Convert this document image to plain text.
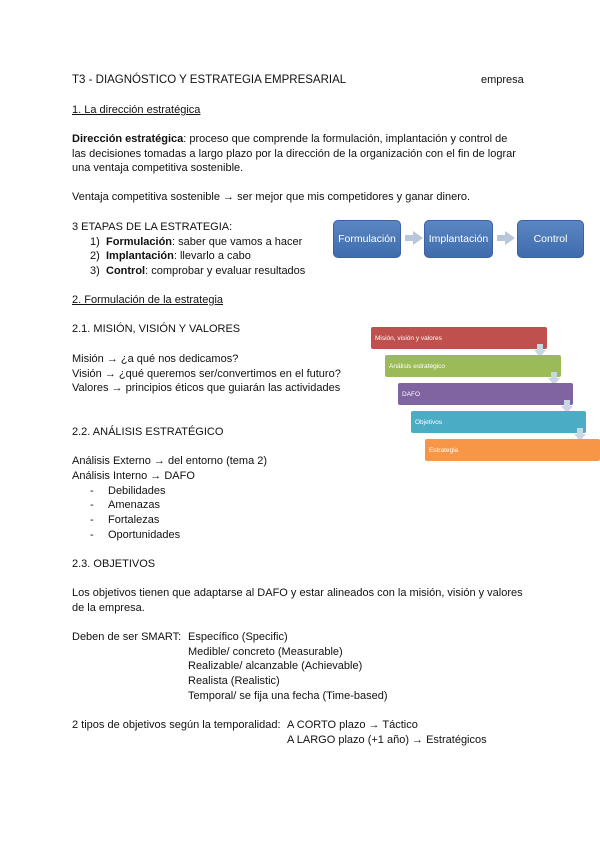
T3 - DIAGNÓSTICO Y ESTRATEGIA EMPRESARIAL	empresa
1. La dirección estratégica
Dirección estratégica: proceso que comprende la formulación, implantación y control de
las decisiones tomadas a largo plazo por la dirección de la organización con el fin de lograr
una ventaja competitiva sostenible.
Ventaja competitiva sostenible → ser mejor que mis competidores y ganar dinero.
3 ETAPAS DE LA ESTRATEGIA:
1) Formulación: saber que vamos a hacer
2) Implantación: llevarlo a cabo
3) Control: comprobar y evaluar resultados
Formulación	Implantación	Control
2. Formulación de la estrategia
2.1. MISIÓN, VISIÓN Y VALORES
Misión → ¿a qué nos dedicamos?
Visión → ¿qué queremos ser/convertimos en el futuro?
Valores → principios éticos que guiarán las actividades
Misión, visión y valores
Análisis estratégico
DAFO
Objetivos
Estrategia
2.2. ANÁLISIS ESTRATÉGICO
Análisis Externo → del entorno (tema 2)
Análisis Interno → DAFO
- Debilidades
- Amenazas
- Fortalezas
- Oportunidades
2.3. OBJETIVOS
Los objetivos tienen que adaptarse al DAFO y estar alineados con la misión, visión y valores
de la empresa.
Deben de ser SMART: Específico (Specific)
Medible/ concreto (Measurable)
Realizable/ alcanzable (Achievable)
Realista (Realistic)
Temporal/ se fija una fecha (Time-based)
2 tipos de objetivos según la temporalidad: A CORTO plazo → Táctico
A LARGO plazo (+1 año) → Estratégicos
